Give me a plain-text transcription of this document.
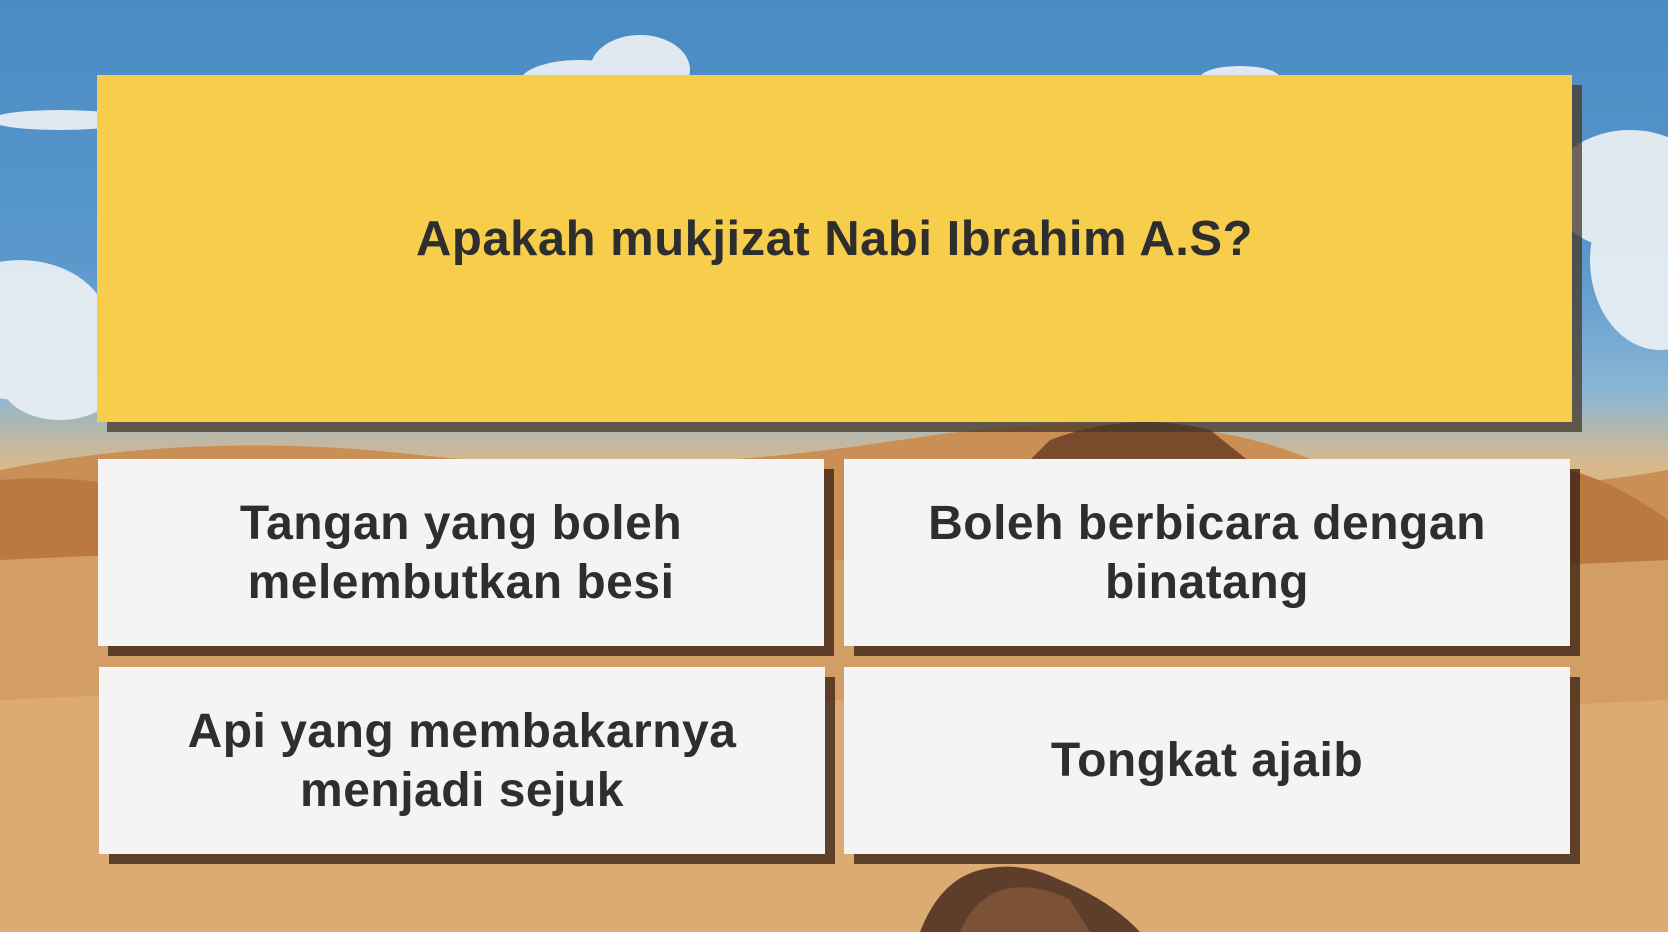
Apakah mukjizat Nabi Ibrahim A.S?
Tangan yang boleh melembutkan besi
Boleh berbicara dengan binatang
Api yang membakarnya menjadi sejuk
Tongkat ajaib
